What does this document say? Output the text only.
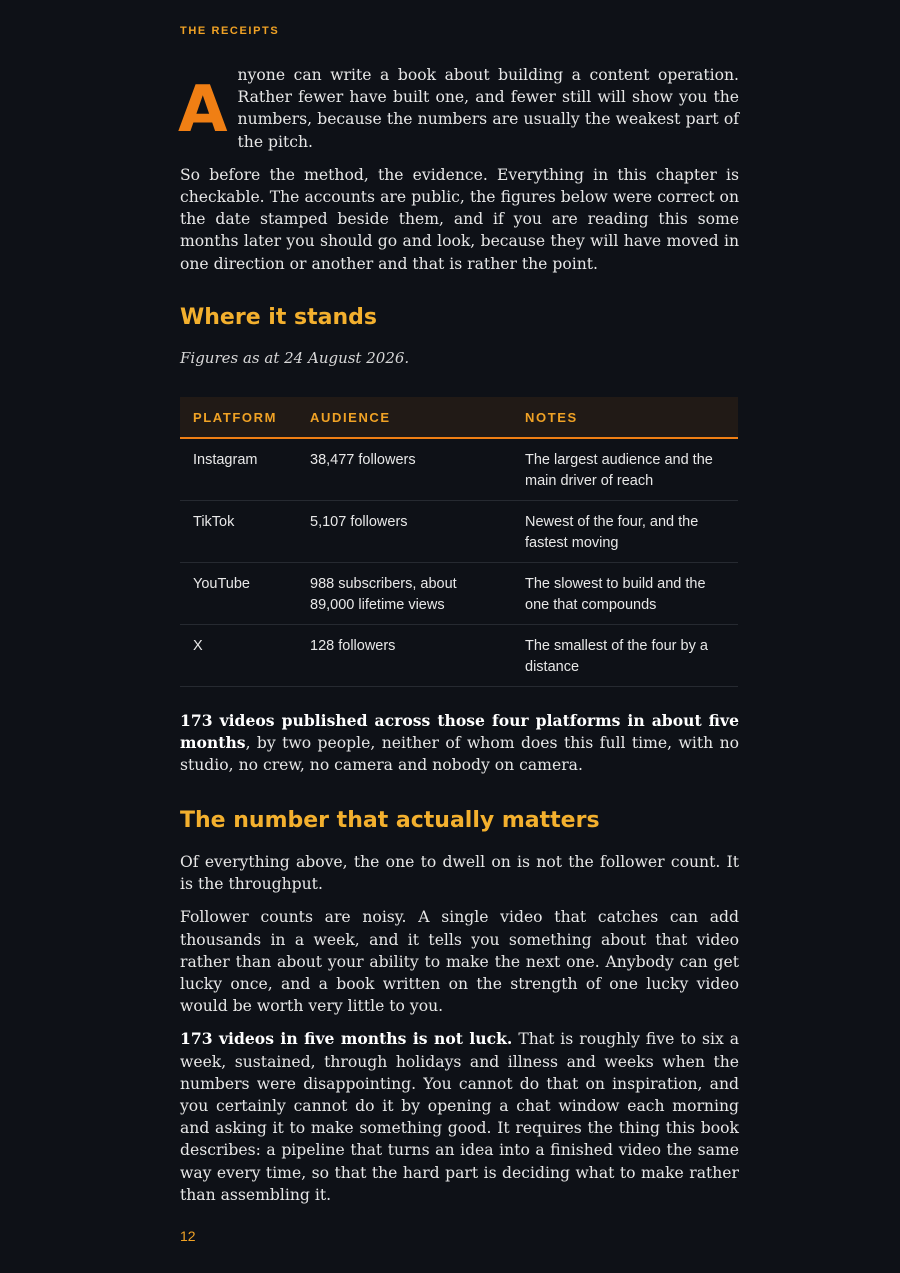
THE RECEIPTS

Anyone can write a book about building a content operation. Rather fewer have built one, and fewer still will show you the numbers, because the numbers are usually the weakest part of the pitch.

So before the method, the evidence. Everything in this chapter is checkable. The accounts are public, the figures below were correct on the date stamped beside them, and if you are reading this some months later you should go and look, because they will have moved in one direction or another and that is rather the point.

Where it stands

Figures as at 24 August 2026.

PLATFORM	AUDIENCE	NOTES
Instagram	38,477 followers	The largest audience and the main driver of reach
TikTok	5,107 followers	Newest of the four, and the fastest moving
YouTube	988 subscribers, about 89,000 lifetime views	The slowest to build and the one that compounds
X	128 followers	The smallest of the four by a distance

173 videos published across those four platforms in about five months, by two people, neither of whom does this full time, with no studio, no crew, no camera and nobody on camera.

The number that actually matters

Of everything above, the one to dwell on is not the follower count. It is the throughput.

Follower counts are noisy. A single video that catches can add thousands in a week, and it tells you something about that video rather than about your ability to make the next one. Anybody can get lucky once, and a book written on the strength of one lucky video would be worth very little to you.

173 videos in five months is not luck. That is roughly five to six a week, sustained, through holidays and illness and weeks when the numbers were disappointing. You cannot do that on inspiration, and you certainly cannot do it by opening a chat window each morning and asking it to make something good. It requires the thing this book describes: a pipeline that turns an idea into a finished video the same way every time, so that the hard part is deciding what to make rather than assembling it.

12
